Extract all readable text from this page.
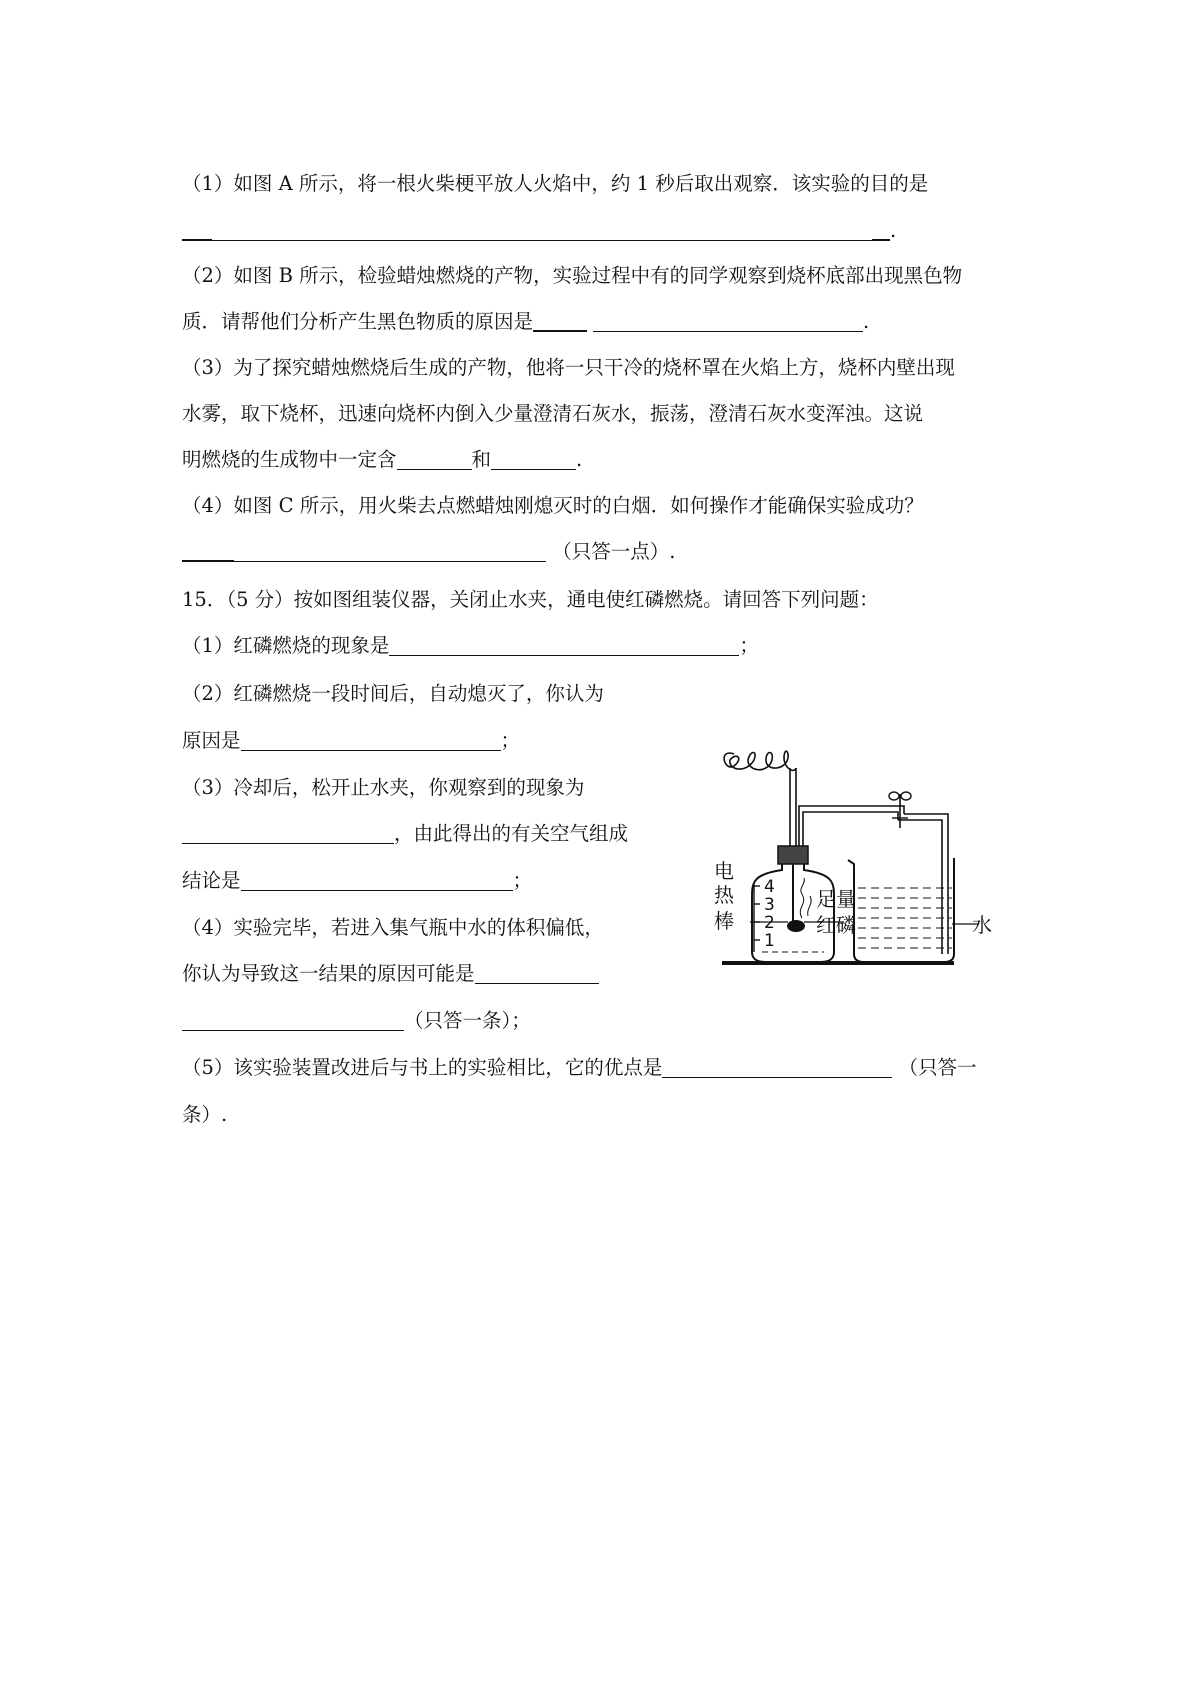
（1）如图 A 所示，将一根火柴梗平放人火焰中，约 1 秒后取出观察．该实验的目的是
.
（2）如图 B 所示，检验蜡烛燃烧的产物，实验过程中有的同学观察到烧杯底部出现黑色物
质．请帮他们分析产生黑色物质的原因是	.
（3）为了探究蜡烛燃烧后生成的产物，他将一只干冷的烧杯罩在火焰上方，烧杯内壁出现
水雾，取下烧杯，迅速向烧杯内倒入少量澄清石灰水，振荡，澄清石灰水变浑浊。这说
明燃烧的生成物中一定含	和	.
（4）如图 C 所示，用火柴去点燃蜡烛刚熄灭时的白烟．如何操作才能确保实验成功？
（只答一点）.
15．（5 分）按如图组装仪器，关闭止水夹，通电使红磷燃烧。请回答下列问题：
（1）红磷燃烧的现象是	；
（2）红磷燃烧一段时间后，自动熄灭了，你认为
原因是	；
（3）冷却后，松开止水夹，你观察到的现象为
，由此得出的有关空气组成
结论是	；
（4）实验完毕，若进入集气瓶中水的体积偏低，
你认为导致这一结果的原因可能是
（只答一条）；
（5）该实验装置改进后与书上的实验相比，它的优点是	（只答一
条）.
4
3
2
1
电
热
棒
足量
红磷	水
